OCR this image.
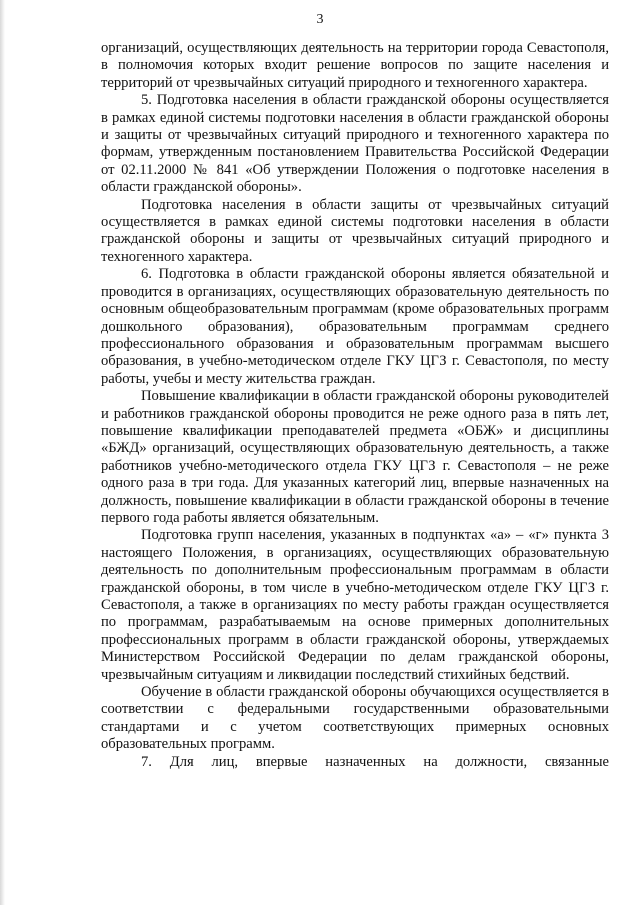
3

организаций, осуществляющих деятельность на территории города Севастополя, в полномочия которых входит решение вопросов по защите населения и территорий от чрезвычайных ситуаций природного и техногенного характера.

5. Подготовка населения в области гражданской обороны осуществляется в рамках единой системы подготовки населения в области гражданской обороны и защиты от чрезвычайных ситуаций природного и техногенного характера по формам, утвержденным постановлением Правительства Российской Федерации от 02.11.2000 № 841 «Об утверждении Положения о подготовке населения в области гражданской обороны».

Подготовка населения в области защиты от чрезвычайных ситуаций осуществляется в рамках единой системы подготовки населения в области гражданской обороны и защиты от чрезвычайных ситуаций природного и техногенного характера.

6. Подготовка в области гражданской обороны является обязательной и проводится в организациях, осуществляющих образовательную деятельность по основным общеобразовательным программам (кроме образовательных программ дошкольного образования), образовательным программам среднего профессионального образования и образовательным программам высшего образования, в учебно-методическом отделе ГКУ ЦГЗ г. Севастополя, по месту работы, учебы и месту жительства граждан.

Повышение квалификации в области гражданской обороны руководителей и работников гражданской обороны проводится не реже одного раза в пять лет, повышение квалификации преподавателей предмета «ОБЖ» и дисциплины «БЖД» организаций, осуществляющих образовательную деятельность, а также работников учебно-методического отдела ГКУ ЦГЗ г. Севастополя – не реже одного раза в три года. Для указанных категорий лиц, впервые назначенных на должность, повышение квалификации в области гражданской обороны в течение первого года работы является обязательным.

Подготовка групп населения, указанных в подпунктах «а» – «г» пункта 3 настоящего Положения, в организациях, осуществляющих образовательную деятельность по дополнительным профессиональным программам в области гражданской обороны, в том числе в учебно-методическом отделе ГКУ ЦГЗ г. Севастополя, а также в организациях по месту работы граждан осуществляется по программам, разрабатываемым на основе примерных дополнительных профессиональных программ в области гражданской обороны, утверждаемых Министерством Российской Федерации по делам гражданской обороны, чрезвычайным ситуациям и ликвидации последствий стихийных бедствий.

Обучение в области гражданской обороны обучающихся осуществляется в соответствии с федеральными государственными образовательными стандартами и с учетом соответствующих примерных основных образовательных программ.

7. Для лиц, впервые назначенных на должности, связанные
